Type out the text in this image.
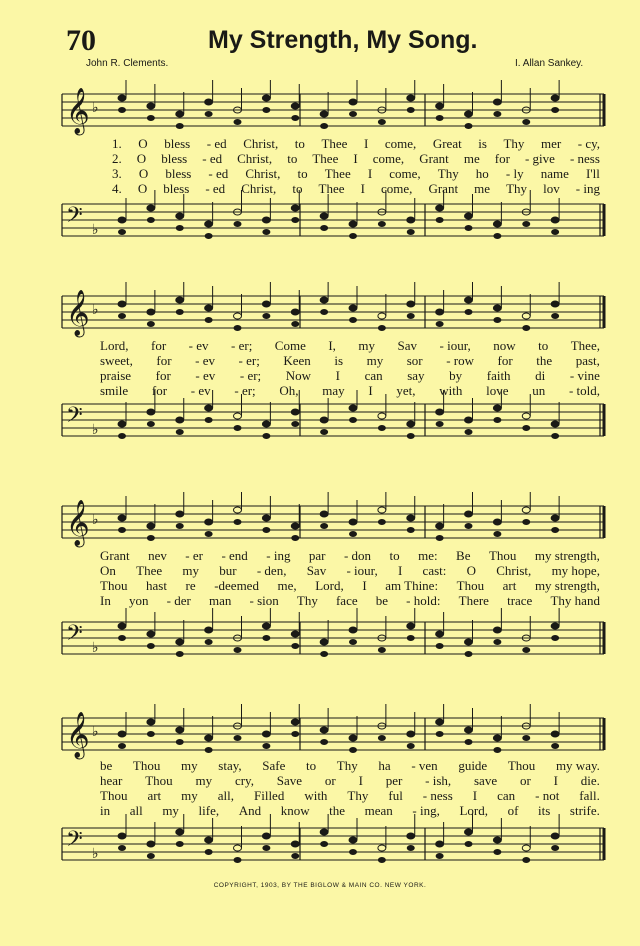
70	My Strength, My Song.
John R. Clements.	I. Allan Sankey.
𝄞 ♭
1. O bless - ed Christ, to Thee I come, Great is Thy mer - cy,
2. O bless - ed Christ, to Thee I come, Grant me for - give - ness
3. O bless - ed Christ, to Thee I come, Thy ho - ly name I'll
4. O bless - ed Christ, to Thee I come, Grant me Thy lov - ing
𝄢 ♭
𝄞 ♭
Lord, for - ev - er; Come I, my Sav - iour, now to Thee,
sweet, for - ev - er; Keen is my sor - row for the past,
praise for - ev - er; Now I can say by faith di - vine
smile for - ev - er; Oh, may I yet, with love un - told,
𝄢 ♭
𝄞 ♭
Grant nev - er - end - ing par - don to me: Be Thou my strength,
On Thee my bur - den, Sav - iour, I cast: O Christ, my hope,
Thou hast re -deemed me, Lord, I am Thine: Thou art my strength,
In yon - der man - sion Thy face be - hold: There trace Thy hand
𝄢 ♭
𝄞 ♭
be Thou my stay, Safe to Thy ha - ven guide Thou my way.
hear Thou my cry, Save or I per - ish, save or I die.
Thou art my all, Filled with Thy ful - ness I can - not fall.
in all my life, And know the mean - ing, Lord, of its strife.
𝄢 ♭
COPYRIGHT, 1903, BY THE BIGLOW & MAIN CO. NEW YORK.
